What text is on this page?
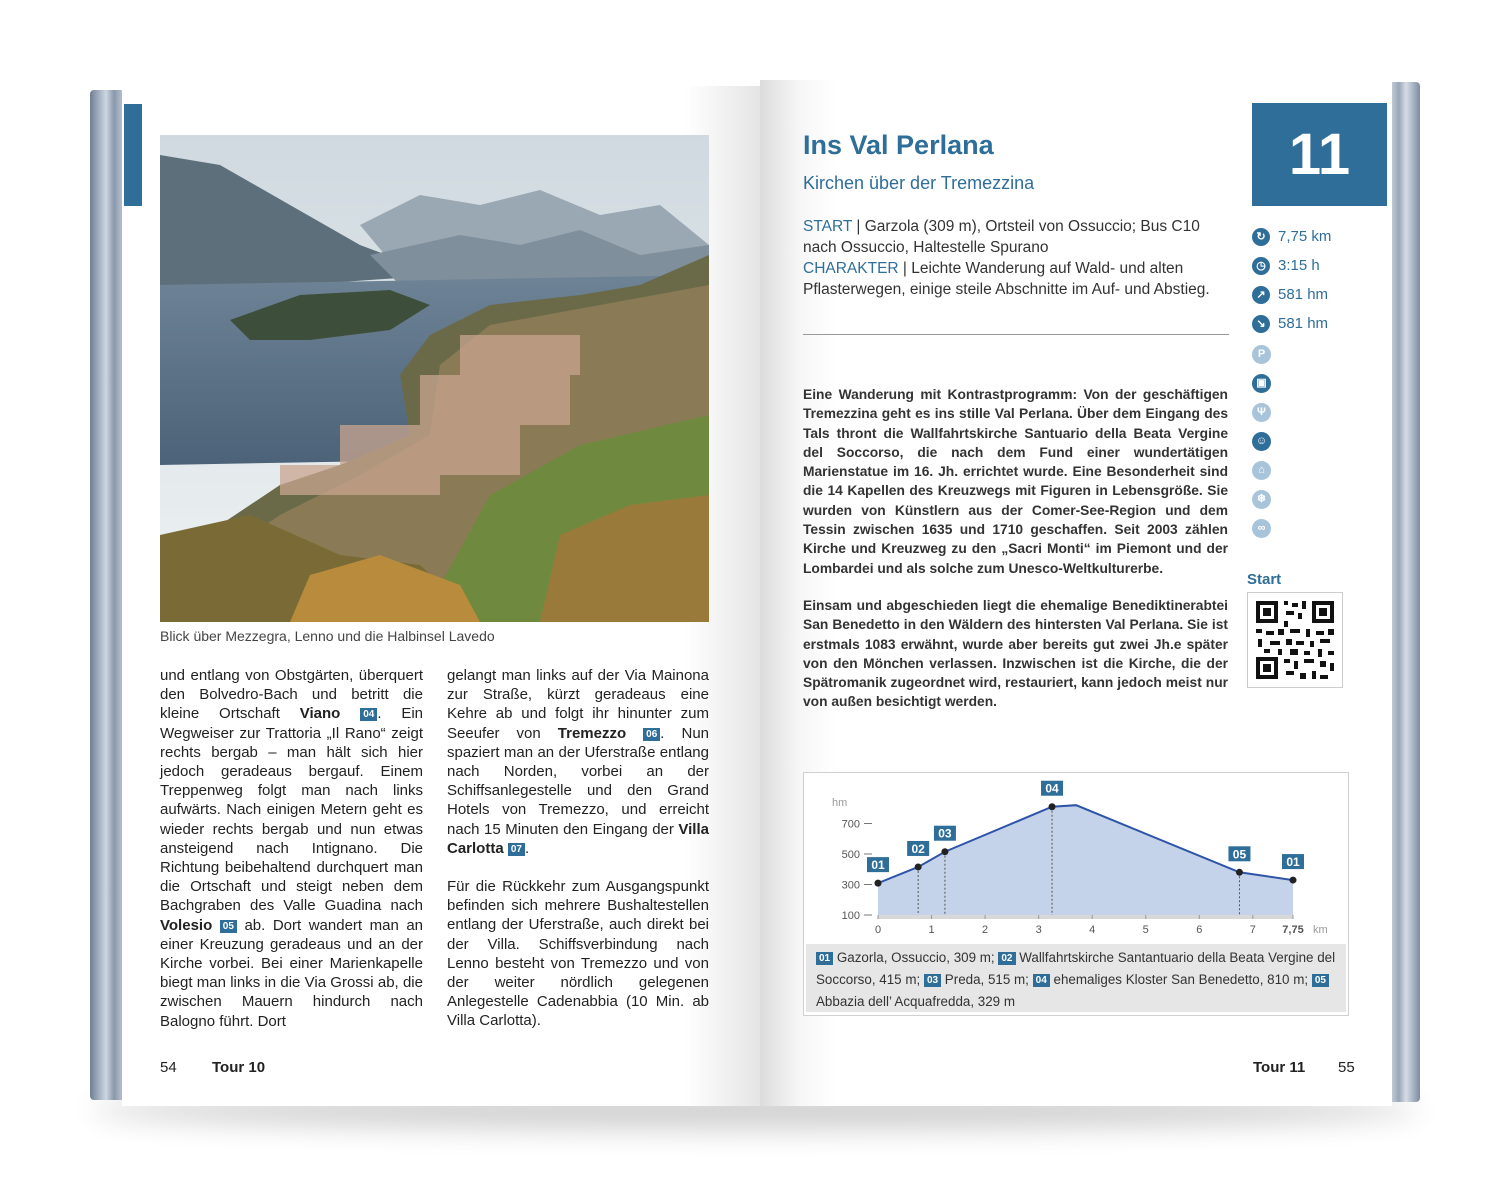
Blick über Mezzegra, Lenno und die Halbinsel Lavedo

und entlang von Obstgärten, überquert den Bolvedro-Bach und betritt die kleine Ortschaft Viano 04 . Ein Wegweiser zur Trattoria „Il Rano“ zeigt rechts bergab – man hält sich hier jedoch geradeaus bergauf. Einem Treppenweg folgt man nach links aufwärts. Nach einigen Metern geht es wieder rechts bergab und nun etwas ansteigend nach Intignano. Die Richtung beibehaltend durchquert man die Ortschaft und steigt neben dem Bachgraben des Valle Guadina nach Volesio 05 ab. Dort wandert man an einer Kreuzung geradeaus und an der Kirche vorbei. Bei einer Marienkapelle biegt man links in die Via Grossi ab, die zwischen Mauern hindurch nach Balogno führt. Dort

gelangt man links auf der Via Mainona zur Straße, kürzt geradeaus eine Kehre ab und folgt ihr hinunter zum Seeufer von Tremezzo 06 . Nun spaziert man an der Uferstraße entlang nach Norden, vorbei an der Schiffsanlegestelle und den Grand Hotels von Tremezzo, und erreicht nach 15 Minuten den Eingang der Villa Carlotta 07 .

Für die Rückkehr zum Ausgangspunkt befinden sich mehrere Bushaltestellen entlang der Uferstraße, auch direkt bei der Villa. Schiffsverbindung nach Lenno besteht von Tremezzo und von der weiter nördlich gelegenen Anlegestelle Cadenabbia (10 Min. ab Villa Carlotta).

54 Tour 10
Ins Val Perlana
Kirchen über der Tremezzina	11
START | Garzola (309 m), Ortsteil von Ossuccio; Bus C10 nach Ossuccio, Haltestelle Spurano
CHARAKTER | Leichte Wanderung auf Wald- und alten Pflasterwegen, einige steile Abschnitte im Auf- und Abstieg.

Eine Wanderung mit Kontrastprogramm: Von der geschäftigen Tremezzina geht es ins stille Val Perlana. Über dem Eingang des Tals thront die Wallfahrtskirche Santuario della Beata Vergine del Soccorso, die nach dem Fund einer wundertätigen Marienstatue im 16. Jh. errichtet wurde. Eine Besonderheit sind die 14 Kapellen des Kreuzwegs mit Figuren in Lebensgröße. Sie wurden von Künstlern aus der Comer-See-Region und dem Tessin zwischen 1635 und 1710 geschaffen. Seit 2003 zählen Kirche und Kreuzweg zu den „Sacri Monti“ im Piemont und der Lombardei und als solche zum Unesco-Weltkulturerbe.

Einsam und abgeschieden liegt die ehemalige Benediktinerabtei San Benedetto in den Wäldern des hintersten Val Perlana. Sie ist erstmals 1083 erwähnt, wurde aber bereits gut zwei Jh.e später von den Mönchen verlassen. Inzwischen ist die Kirche, die der Spätromanik zugeordnet wird, restauriert, kann jedoch meist nur von außen besichtigt werden.

↻ 7,75 km
◷ 3:15 h
↗ 581 hm
↘ 581 hm
P
▣
Ψ
☺
⌂
❄
∞
Start
hm
700
500
300
100
0	1	2	3	4	5	6	7 7,75 km
01
02
03
04
05
01
01 Gazorla, Ossuccio, 309 m; 02 Wallfahrtskirche Santantuario della Beata Vergine del Soccorso, 415 m; 03 Preda, 515 m; 04 ehemaliges Kloster San Benedetto, 810 m; 05 Abbazia dell’ Acquafredda, 329 m
Tour 11 55
